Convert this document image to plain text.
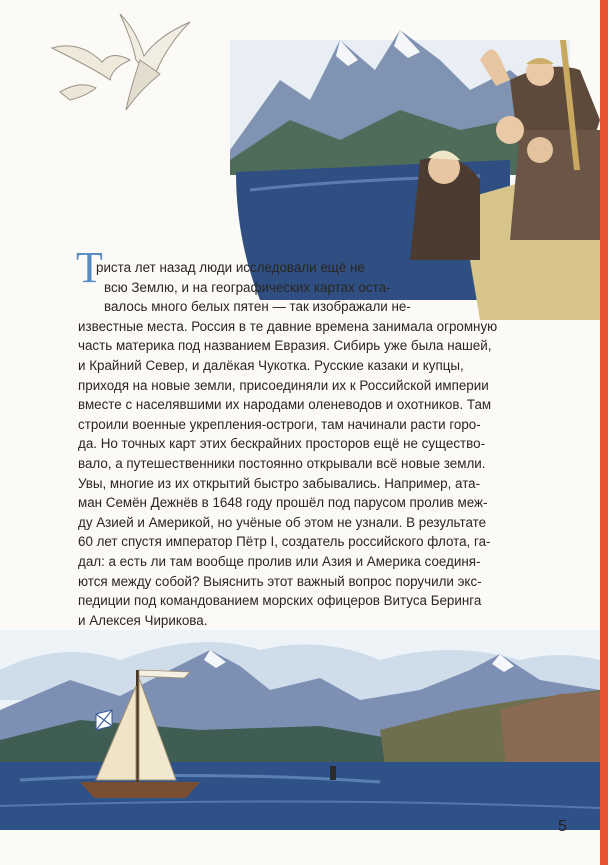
Т
риста лет назад люди исследовали ещё не
всю Землю, и на географических картах оста-
валось много белых пятен — так изображали не-
известные места. Россия в те давние времена занимала огромную
часть материка под названием Евразия. Сибирь уже была нашей,
и Крайний Север, и далёкая Чукотка. Русские казаки и купцы,
приходя на новые земли, присоединяли их к Российской империи
вместе с населявшими их народами оленеводов и охотников. Там
строили военные укрепления-остроги, там начинали расти горо-
да. Но точных карт этих бескрайних просторов ещё не существо-
вало, а путешественники постоянно открывали всё новые земли.
Увы, многие из их открытий быстро забывались. Например, ата-
ман Семён Дежнёв в 1648 году прошёл под парусом пролив меж-
ду Азией и Америкой, но учёные об этом не узнали. В результате
60 лет спустя император Пётр I, создатель российского флота, га-
дал: а есть ли там вообще пролив или Азия и Америка соединя-
ются между собой? Выяснить этот важный вопрос поручили экс-
педиции под командованием морских офицеров Витуса Беринга
и Алексея Чирикова.
5
